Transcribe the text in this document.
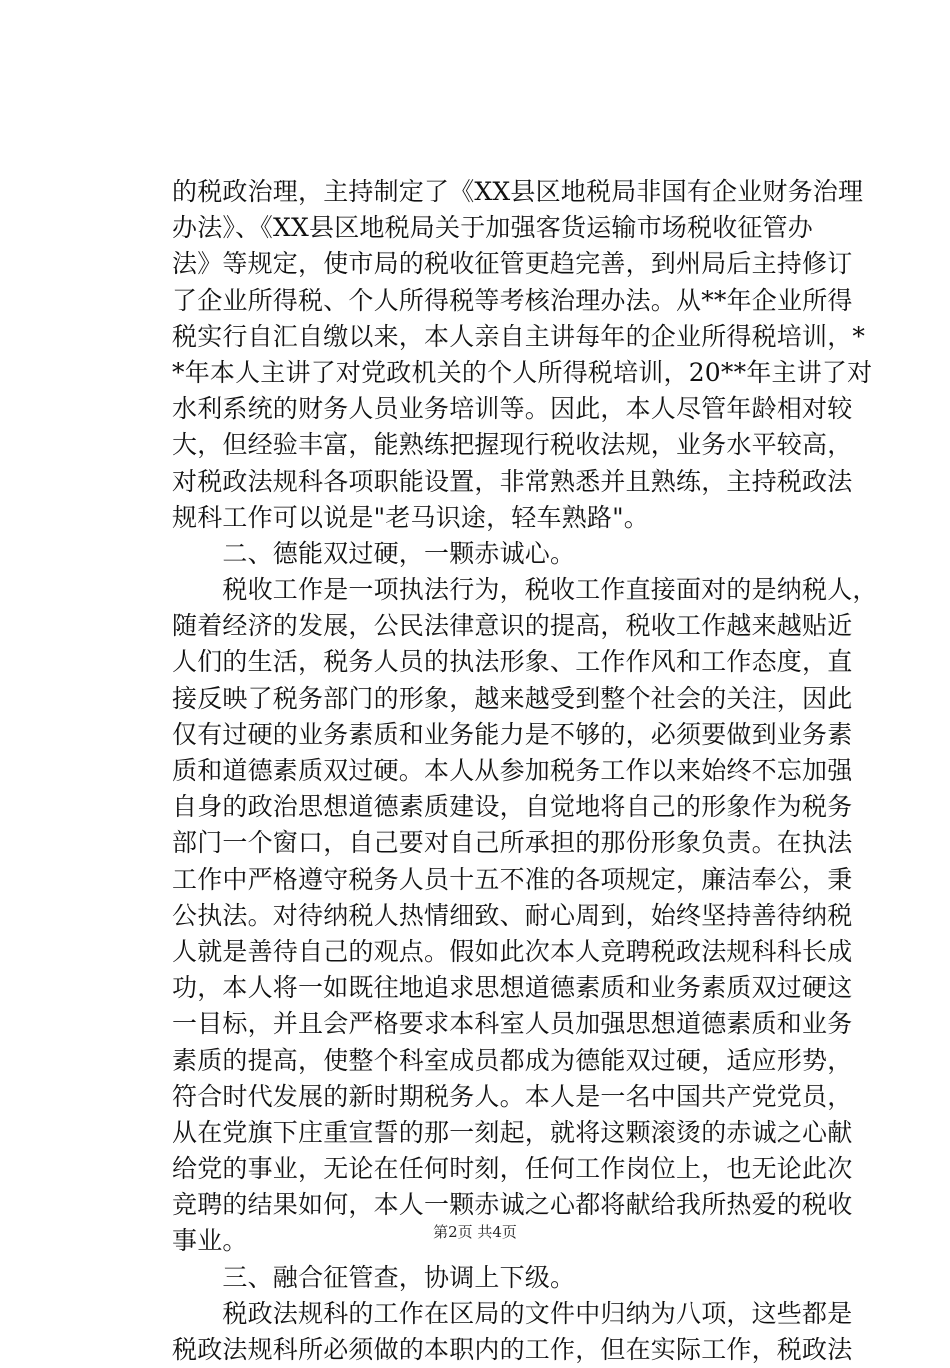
的税政治理，主持制定了《XX县区地税局非国有企业财务治理
办法》、《XX县区地税局关于加强客货运输市场税收征管办
法》等规定，使市局的税收征管更趋完善，到州局后主持修订
了企业所得税、个人所得税等考核治理办法。从**年企业所得
税实行自汇自缴以来，本人亲自主讲每年的企业所得税培训，*
*年本人主讲了对党政机关的个人所得税培训，20**年主讲了对
水利系统的财务人员业务培训等。因此，本人尽管年龄相对较
大，但经验丰富，能熟练把握现行税收法规，业务水平较高，
对税政法规科各项职能设置，非常熟悉并且熟练，主持税政法
规科工作可以说是"老马识途，轻车熟路"。
　　二、德能双过硬，一颗赤诚心。
　　税收工作是一项执法行为，税收工作直接面对的是纳税人，
随着经济的发展，公民法律意识的提高，税收工作越来越贴近
人们的生活，税务人员的执法形象、工作作风和工作态度，直
接反映了税务部门的形象，越来越受到整个社会的关注，因此
仅有过硬的业务素质和业务能力是不够的，必须要做到业务素
质和道德素质双过硬。本人从参加税务工作以来始终不忘加强
自身的政治思想道德素质建设，自觉地将自己的形象作为税务
部门一个窗口，自己要对自己所承担的那份形象负责。在执法
工作中严格遵守税务人员十五不准的各项规定，廉洁奉公，秉
公执法。对待纳税人热情细致、耐心周到，始终坚持善待纳税
人就是善待自己的观点。假如此次本人竞聘税政法规科科长成
功，本人将一如既往地追求思想道德素质和业务素质双过硬这
一目标，并且会严格要求本科室人员加强思想道德素质和业务
素质的提高，使整个科室成员都成为德能双过硬，适应形势，
符合时代发展的新时期税务人。本人是一名中国共产党党员，
从在党旗下庄重宣誓的那一刻起，就将这颗滚烫的赤诚之心献
给党的事业，无论在任何时刻，任何工作岗位上，也无论此次
竞聘的结果如何，本人一颗赤诚之心都将献给我所热爱的税收
事业。
　　三、融合征管查，协调上下级。
　　税政法规科的工作在区局的文件中归纳为八项，这些都是
税政法规科所必须做的本职内的工作，但在实际工作，税政法
第2页 共4页
